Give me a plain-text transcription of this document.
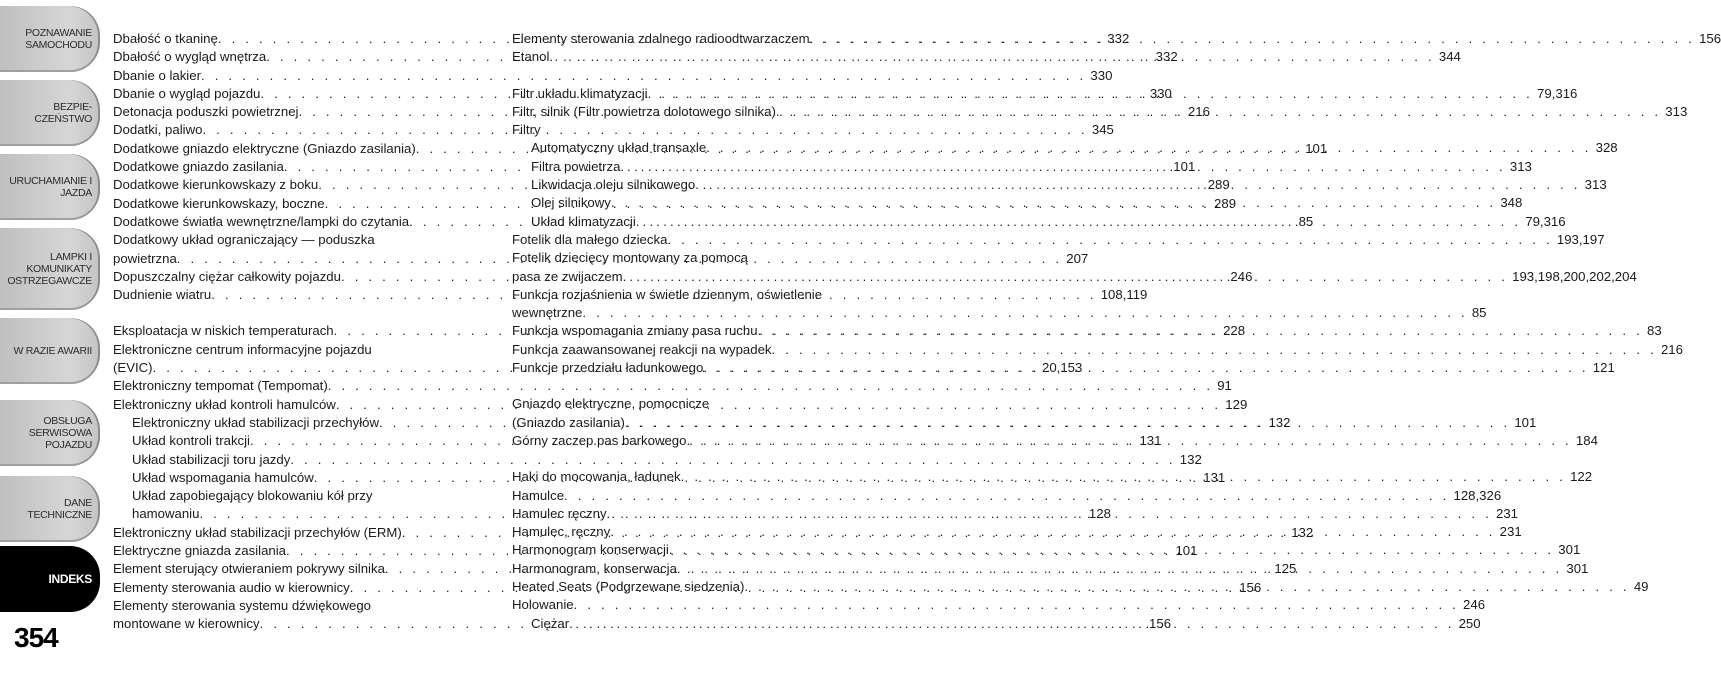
POZNAWANIE SAMOCHODU
BEZPIE-CZEŃSTWO
URUCHAMIANIE I JAZDA
LAMPKI I KOMUNIKATY OSTRZEGAWCZE
W RAZIE AWARII
OBSŁUGA SERWISOWA POJAZDU
DANE TECHNICZNE
INDEKS
354
Dbałość o tkaninę . . .	332
Dbałość o wygląd wnętrza . . .	332
Dbanie o lakier . . .	330
Dbanie o wygląd pojazdu . . .	330
Detonacja poduszki powietrznej . . .	216
Dodatki, paliwo . . .	345
Dodatkowe gniazdo elektryczne (Gniazdo zasilania) . . .	101
Dodatkowe gniazdo zasilania . . .	101
Dodatkowe kierunkowskazy z boku . . .	289
Dodatkowe kierunkowskazy, boczne . . .	289
Dodatkowe światła wewnętrzne/lampki do czytania . . .	85
Dodatkowy układ ograniczający — poduszka
powietrzna . . .	207
Dopuszczalny ciężar całkowity pojazdu . . .	246
Dudnienie wiatru . . .	108,119
Eksploatacja w niskich temperaturach . . .	228
Elektroniczne centrum informacyjne pojazdu
(EVIC) . . .	20,153
Elektroniczny tempomat (Tempomat) . . .	91
Elektroniczny układ kontroli hamulców . . .	129
Elektroniczny układ stabilizacji przechyłów . . .	132
Układ kontroli trakcji . . .	131
Układ stabilizacji toru jazdy . . .	132
Układ wspomagania hamulców . . .	131
Układ zapobiegający blokowaniu kół przy
hamowaniu . . .	128
Elektroniczny układ stabilizacji przechyłów (ERM) . . .	132
Elektryczne gniazda zasilania . . .	101
Element sterujący otwieraniem pokrywy silnika . . .	125
Elementy sterowania audio w kierownicy . . .	156
Elementy sterowania systemu dźwiękowego
montowane w kierownicy . . .	156
Elementy sterowania zdalnego radioodtwarzaczem . . .	156
Etanol . . .	344
Filtr układu klimatyzacji . . .	79,316
Filtr, silnik (Filtr powietrza dolotowego silnika) . . .	313
Filtry
Automatyczny układ transaxle . . .	328
Filtra powietrza . . .	313
Likwidacja oleju silnikowego . . .	313
Olej silnikowy . . .	348
Układ klimatyzacji . . .	79,316
Fotelik dla małego dziecka . . .	193,197
Fotelik dziecięcy montowany za pomocą
pasa ze zwijaczem . . .	193,198,200,202,204
Funkcja rozjaśnienia w świetle dziennym, oświetlenie
wewnętrzne . . .	85
Funkcja wspomagania zmiany pasa ruchu . . .	83
Funkcja zaawansowanej reakcji na wypadek . . .	216
Funkcje przedziału ładunkowego . . .	121
Gniazdo elektryczne, pomocnicze
(Gniazdo zasilania) . . .	101
Górny zaczep pas barkowego . . .	184
Haki do mocowania, ładunek . . .	122
Hamulce . . .	128,326
Hamulec ręczny . . .	231
Hamulec, ręczny . . .	231
Harmonogram konserwacji . . .	301
Harmonogram, konserwacja . . .	301
Heated Seats (Podgrzewane siedzenia) . . .	49
Holowanie . . .	246
Ciężar . . .	250
